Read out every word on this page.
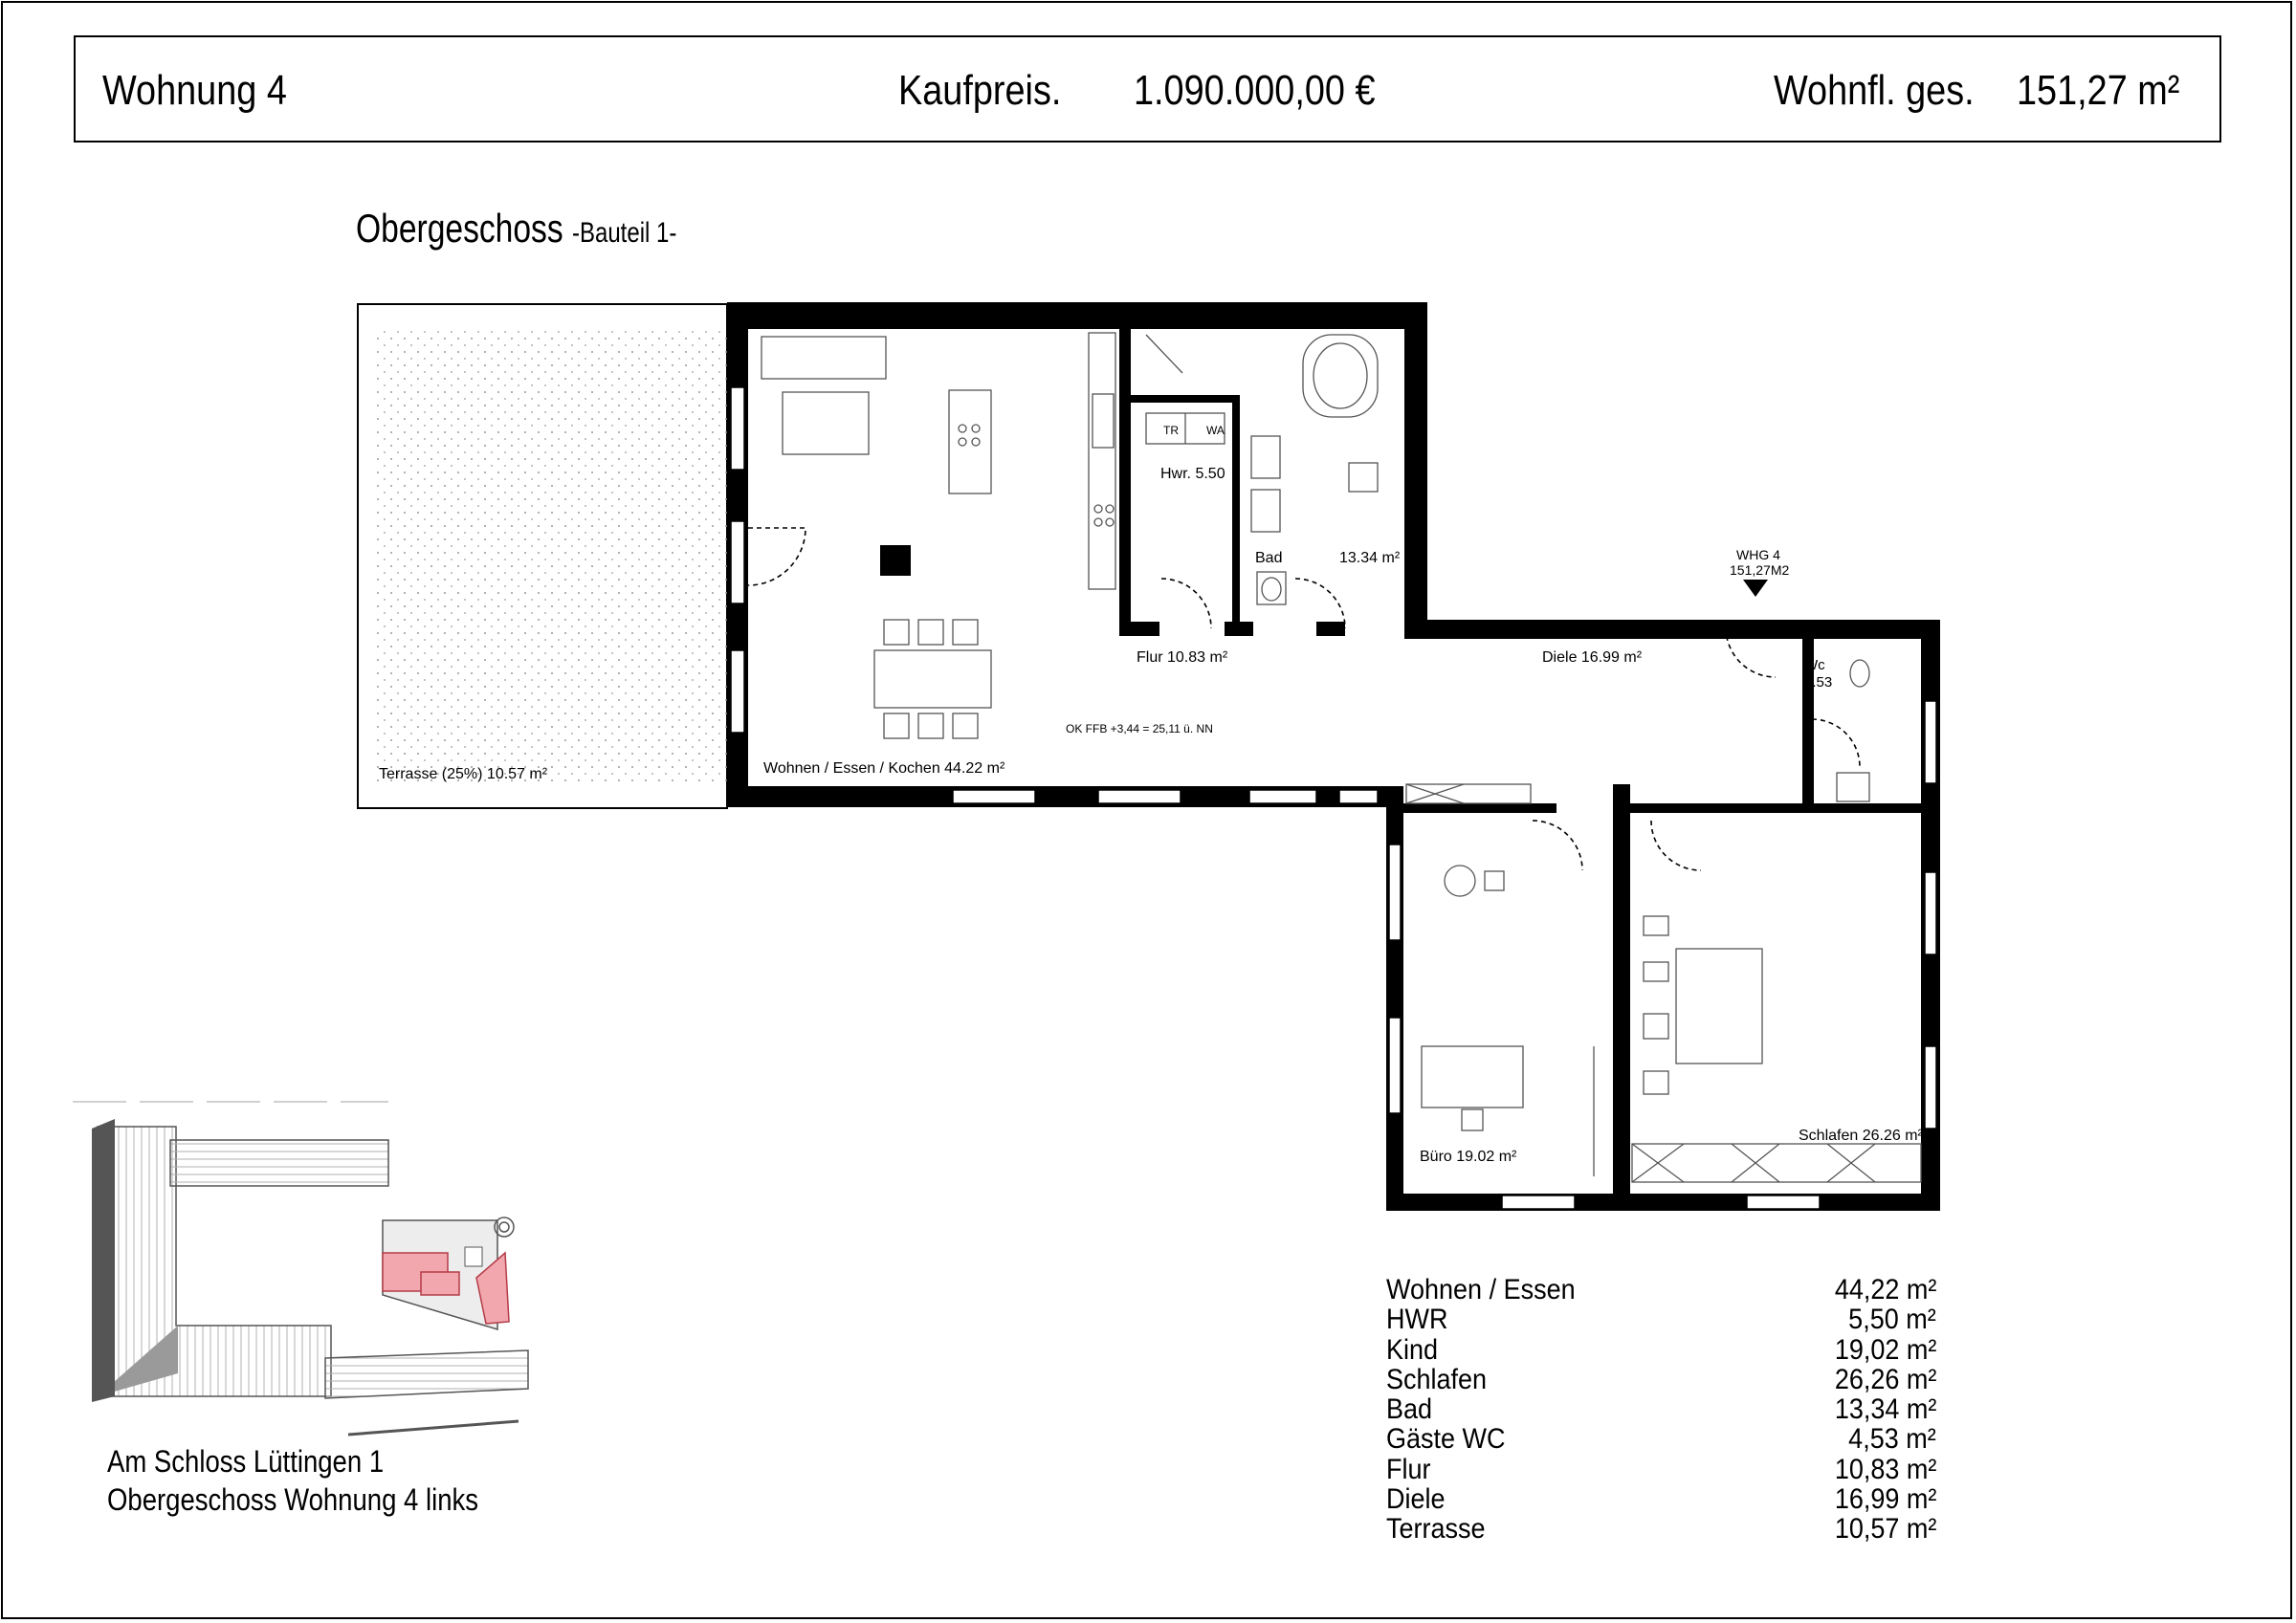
Wohnung 4	Kaufpreis. 1.090.000,00 €	Wohnfl. ges. 151,27 m²
Obergeschoss -Bauteil 1-
Terrasse (25%) 10.57 m²	Wohnen / Essen / Kochen 44.22 m²
OK FFB +3,44 = 25,11 ü. NN
Hwr. 5.50
TR WA
Bad	13.34 m²
Flur 10.83 m²	Diele 16.99 m²
WHG 4
151,27M2
Wc
4.53
Büro 19.02 m²
Schlafen 26.26 m²
Wohnen / Essen	44,22 m²
HWR	5,50 m²
Kind	19,02 m²
Schlafen	26,26 m²
Bad	13,34 m²
Gäste WC	4,53 m²
Flur	10,83 m²
Diele	16,99 m²
Terrasse	10,57 m²
Am Schloss Lüttingen 1
Obergeschoss Wohnung 4 links
